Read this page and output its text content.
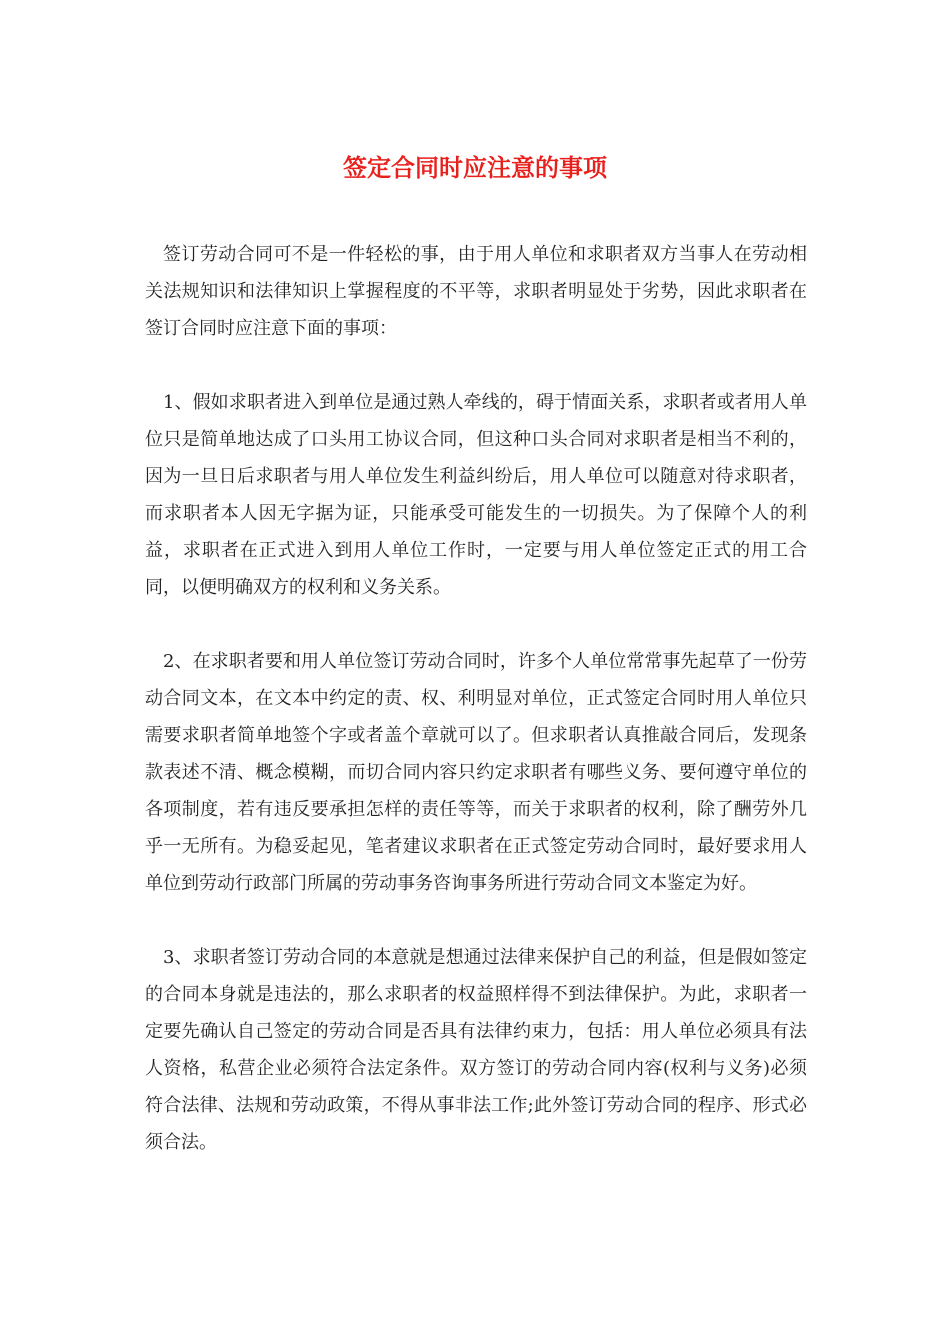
签定合同时应注意的事项

签订劳动合同可不是一件轻松的事，由于用人单位和求职者双方当事人在劳动相关法规知识和法律知识上掌握程度的不平等，求职者明显处于劣势，因此求职者在签订合同时应注意下面的事项：

1、假如求职者进入到单位是通过熟人牵线的，碍于情面关系，求职者或者用人单位只是简单地达成了口头用工协议合同，但这种口头合同对求职者是相当不利的，因为一旦日后求职者与用人单位发生利益纠纷后，用人单位可以随意对待求职者，而求职者本人因无字据为证，只能承受可能发生的一切损失。为了保障个人的利益，求职者在正式进入到用人单位工作时，一定要与用人单位签定正式的用工合同，以便明确双方的权利和义务关系。

2、在求职者要和用人单位签订劳动合同时，许多个人单位常常事先起草了一份劳动合同文本，在文本中约定的责、权、利明显对单位，正式签定合同时用人单位只需要求职者简单地签个字或者盖个章就可以了。但求职者认真推敲合同后，发现条款表述不清、概念模糊，而切合同内容只约定求职者有哪些义务、要何遵守单位的各项制度，若有违反要承担怎样的责任等等，而关于求职者的权利，除了酬劳外几乎一无所有。为稳妥起见，笔者建议求职者在正式签定劳动合同时，最好要求用人单位到劳动行政部门所属的劳动事务咨询事务所进行劳动合同文本鉴定为好。

3、求职者签订劳动合同的本意就是想通过法律来保护自己的利益，但是假如签定的合同本身就是违法的，那么求职者的权益照样得不到法律保护。为此，求职者一定要先确认自己签定的劳动合同是否具有法律约束力，包括：用人单位必须具有法人资格，私营企业必须符合法定条件。双方签订的劳动合同内容(权利与义务)必须符合法律、法规和劳动政策，不得从事非法工作;此外签订劳动合同的程序、形式必须合法。
